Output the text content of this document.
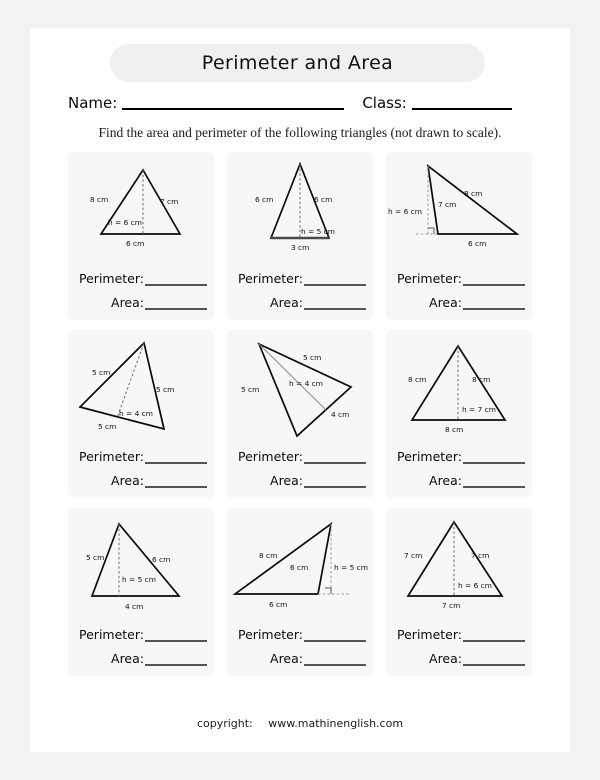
Perimeter and Area
Name:	Class:
Find the area and perimeter of the following triangles (not drawn to scale).
8 cm	7 cm
h = 6 cm
6 cm
Perimeter:
Area:
6 cm	6 cm
h = 5 cm
3 cm
Perimeter:
Area:
8 cm
7 cm
h = 6 cm
6 cm
Perimeter:
Area:
5 cm
5 cm
h = 4 cm
5 cm
Perimeter:
Area:
5 cm
5 cm
h = 4 cm
4 cm
Perimeter:
Area:
8 cm	8 cm
h = 7 cm
8 cm
Perimeter:
Area:
5 cm	6 cm
h = 5 cm
4 cm
Perimeter:
Area:
8 cm
6 cm	h = 5 cm
6 cm
Perimeter:
Area:
7 cm	7 cm
h = 6 cm
7 cm
Perimeter:
Area:
copyright: www.mathinenglish.com
